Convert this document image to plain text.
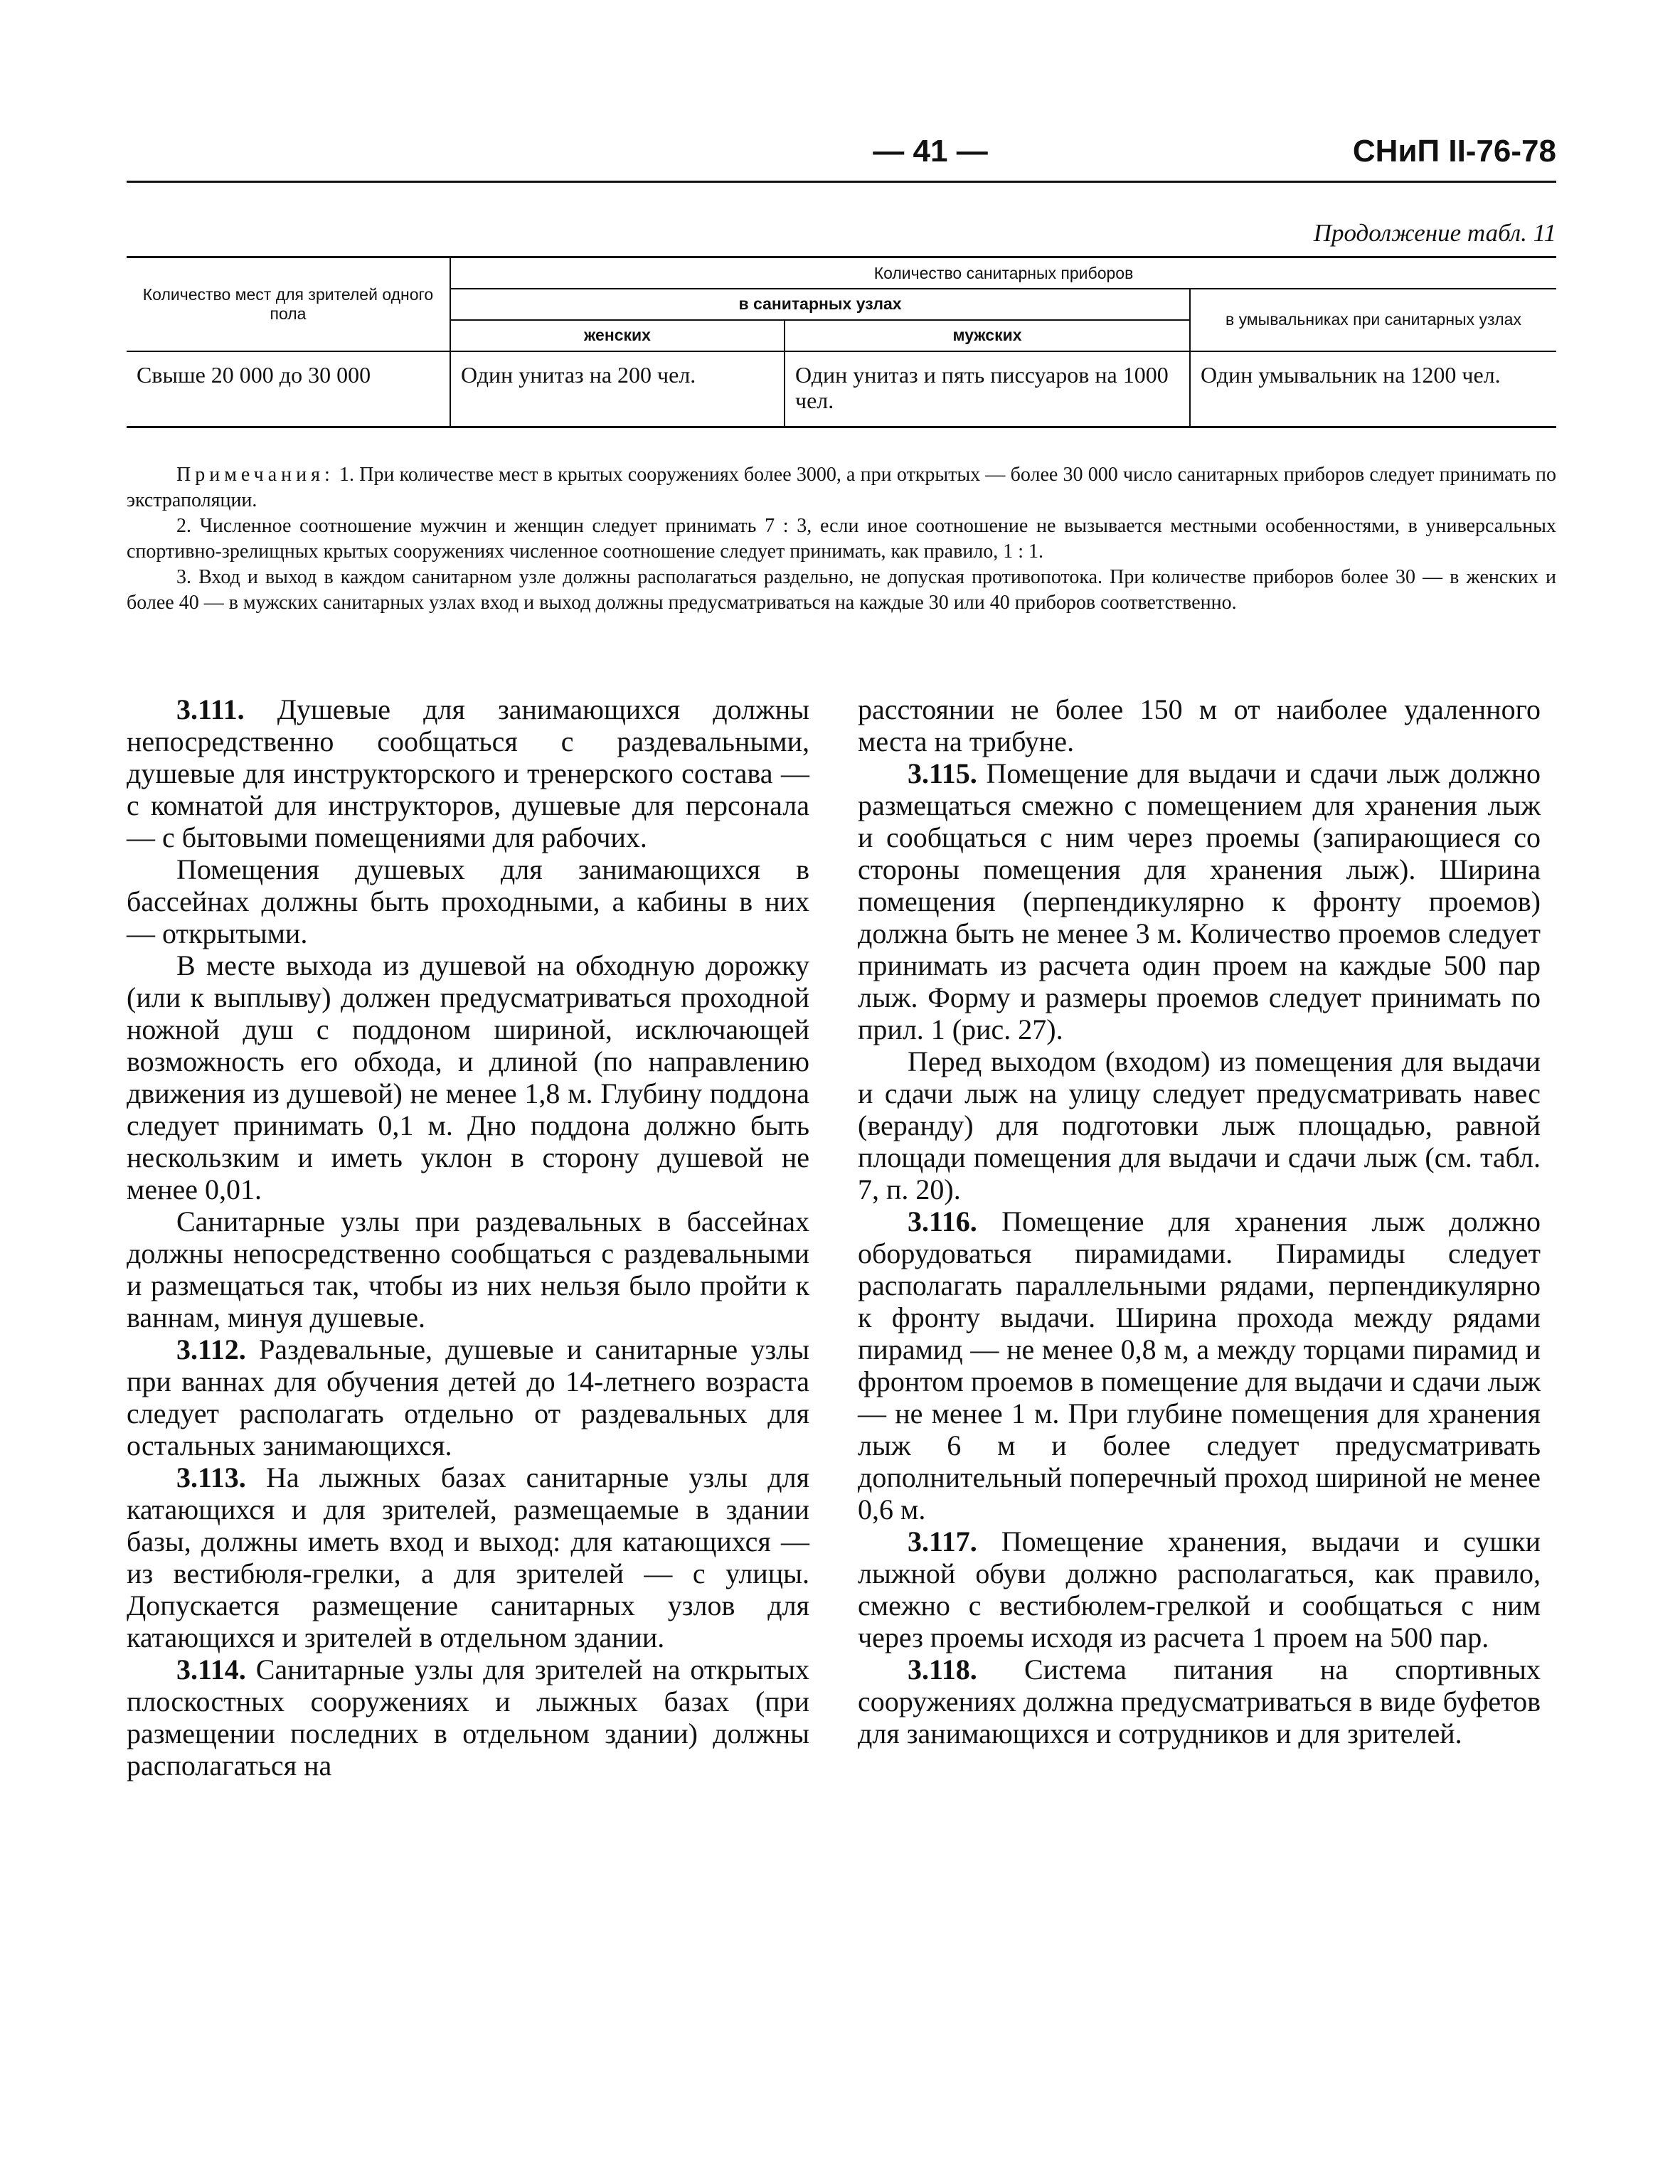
— 41 —	СНиП II-76-78
Продолжение табл. 11
Количество мест для зрителей одного пола	Количество санитарных приборов		
	в санитарных узлах		в умывальниках при санитарных узлах
	женских	мужских	
Свыше 20 000 до 30 000	Один унитаз на 200 чел.	Один унитаз и пять писсуаров на 1000 чел.	Один умывальник на 1200 чел.

Примечания: 1. При количестве мест в крытых сооружениях более 3000, а при открытых — более 30 000 число санитарных приборов следует принимать по экстраполяции.

2. Численное соотношение мужчин и женщин следует принимать 7 : 3, если иное соотношение не вызывается местными особенностями, в универсальных спортивно-зрелищных крытых сооружениях численное соотношение следует принимать, как правило, 1 : 1.

3. Вход и выход в каждом санитарном узле должны располагаться раздельно, не допуская противопотока. При количестве приборов более 30 — в женских и более 40 — в мужских санитарных узлах вход и выход должны предусматриваться на каждые 30 или 40 приборов соответственно.

3.111. Душевые для занимающихся должны непосредственно сообщаться с раздевальными, душевые для инструкторского и тренерского состава — с комнатой для инструкторов, душевые для персонала — с бытовыми помещениями для рабочих.

Помещения душевых для занимающихся в бассейнах должны быть проходными, а кабины в них — открытыми.

В месте выхода из душевой на обходную дорожку (или к выплыву) должен предусматриваться проходной ножной душ с поддоном шириной, исключающей возможность его обхода, и длиной (по направлению движения из душевой) не менее 1,8 м. Глубину поддона следует принимать 0,1 м. Дно поддона должно быть нескользким и иметь уклон в сторону душевой не менее 0,01.

Санитарные узлы при раздевальных в бассейнах должны непосредственно сообщаться с раздевальными и размещаться так, чтобы из них нельзя было пройти к ваннам, минуя душевые.

3.112. Раздевальные, душевые и санитарные узлы при ваннах для обучения детей до 14-летнего возраста следует располагать отдельно от раздевальных для остальных занимающихся.

3.113. На лыжных базах санитарные узлы для катающихся и для зрителей, размещаемые в здании базы, должны иметь вход и выход: для катающихся — из вестибюля-грелки, а для зрителей — с улицы. Допускается размещение санитарных узлов для катающихся и зрителей в отдельном здании.

3.114. Санитарные узлы для зрителей на открытых плоскостных сооружениях и лыжных базах (при размещении последних в отдельном здании) должны располагаться на

расстоянии не более 150 м от наиболее удаленного места на трибуне.

3.115. Помещение для выдачи и сдачи лыж должно размещаться смежно с помещением для хранения лыж и сообщаться с ним через проемы (запирающиеся со стороны помещения для хранения лыж). Ширина помещения (перпендикулярно к фронту проемов) должна быть не менее 3 м. Количество проемов следует принимать из расчета один проем на каждые 500 пар лыж. Форму и размеры проемов следует принимать по прил. 1 (рис. 27).

Перед выходом (входом) из помещения для выдачи и сдачи лыж на улицу следует предусматривать навес (веранду) для подготовки лыж площадью, равной площади помещения для выдачи и сдачи лыж (см. табл. 7, п. 20).

3.116. Помещение для хранения лыж должно оборудоваться пирамидами. Пирамиды следует располагать параллельными рядами, перпендикулярно к фронту выдачи. Ширина прохода между рядами пирамид — не менее 0,8 м, а между торцами пирамид и фронтом проемов в помещение для выдачи и сдачи лыж — не менее 1 м. При глубине помещения для хранения лыж 6 м и более следует предусматривать дополнительный поперечный проход шириной не менее 0,6 м.

3.117. Помещение хранения, выдачи и сушки лыжной обуви должно располагаться, как правило, смежно с вестибюлем-грелкой и сообщаться с ним через проемы исходя из расчета 1 проем на 500 пар.

3.118. Система питания на спортивных сооружениях должна предусматриваться в виде буфетов для занимающихся и сотрудников и для зрителей.
